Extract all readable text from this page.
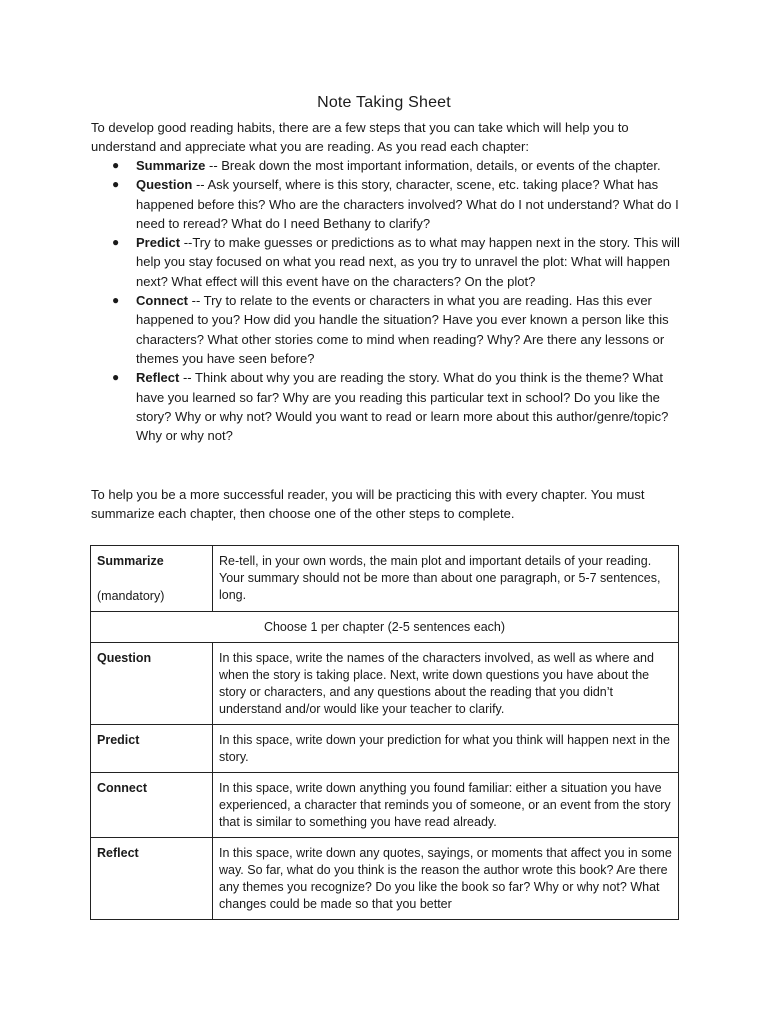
Note Taking Sheet
To develop good reading habits, there are a few steps that you can take which will help you to understand and appreciate what you are reading. As you read each chapter:
● Summarize -- Break down the most important information, details, or events of the chapter.
● Question -- Ask yourself, where is this story, character, scene, etc. taking place? What has happened before this? Who are the characters involved? What do I not understand? What do I need to reread? What do I need Bethany to clarify?
● Predict --Try to make guesses or predictions as to what may happen next in the story. This will help you stay focused on what you read next, as you try to unravel the plot: What will happen next? What effect will this event have on the characters? On the plot?
● Connect -- Try to relate to the events or characters in what you are reading. Has this ever happened to you? How did you handle the situation? Have you ever known a person like this characters? What other stories come to mind when reading? Why? Are there any lessons or themes you have seen before?
● Reflect -- Think about why you are reading the story. What do you think is the theme? What have you learned so far? Why are you reading this particular text in school? Do you like the story? Why or why not? Would you want to read or learn more about this author/genre/topic? Why or why not?
To help you be a more successful reader, you will be practicing this with every chapter. You must summarize each chapter, then choose one of the other steps to complete.
Summarize
(mandatory)	Re-tell, in your own words, the main plot and important details of your reading. Your summary should not be more than about one paragraph, or 5-7 sentences, long.
Choose 1 per chapter (2-5 sentences each)	
Question	In this space, write the names of the characters involved, as well as where and when the story is taking place. Next, write down questions you have about the story or characters, and any questions about the reading that you didn’t understand and/or would like your teacher to clarify.
Predict	In this space, write down your prediction for what you think will happen next in the story.
Connect	In this space, write down anything you found familiar: either a situation you have experienced, a character that reminds you of someone, or an event from the story that is similar to something you have read already.
Reflect	In this space, write down any quotes, sayings, or moments that affect you in some way. So far, what do you think is the reason the author wrote this book? Are there any themes you recognize? Do you like the book so far? Why or why not? What changes could be made so that you better
